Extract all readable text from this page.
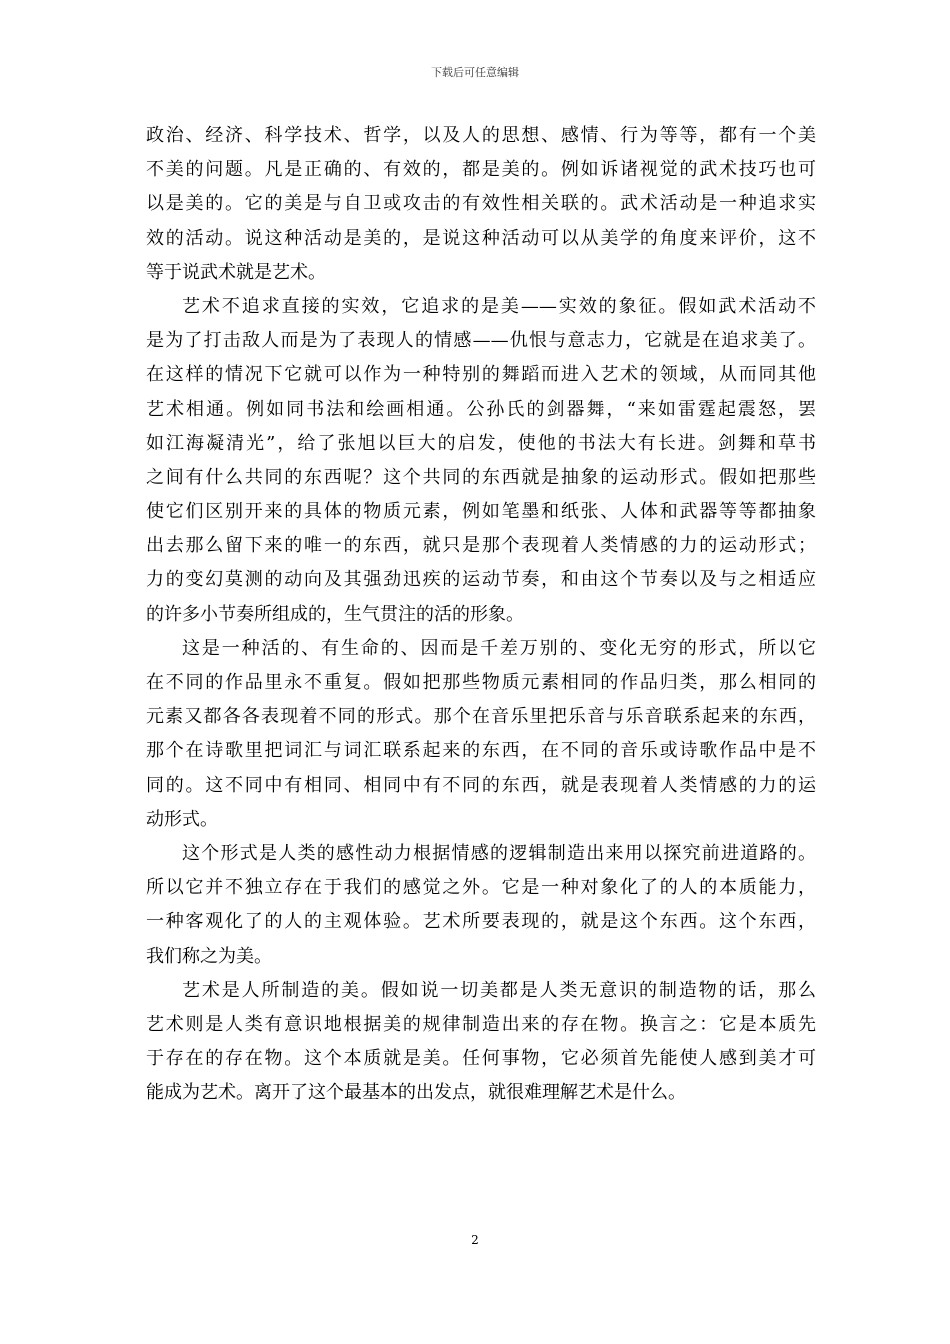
下载后可任意编辑
政治、经济、科学技术、哲学，以及人的思想、感情、行为等等，都有一个美
不美的问题。凡是正确的、有效的，都是美的。例如诉诸视觉的武术技巧也可
以是美的。它的美是与自卫或攻击的有效性相关联的。武术活动是一种追求实
效的活动。说这种活动是美的，是说这种活动可以从美学的角度来评价，这不
等于说武术就是艺术。
艺术不追求直接的实效，它追求的是美——实效的象征。假如武术活动不
是为了打击敌人而是为了表现人的情感——仇恨与意志力，它就是在追求美了。
在这样的情况下它就可以作为一种特别的舞蹈而进入艺术的领域，从而同其他
艺术相通。例如同书法和绘画相通。公孙氏的剑器舞，“来如雷霆起震怒，罢
如江海凝清光”，给了张旭以巨大的启发，使他的书法大有长进。剑舞和草书
之间有什么共同的东西呢？这个共同的东西就是抽象的运动形式。假如把那些
使它们区别开来的具体的物质元素，例如笔墨和纸张、人体和武器等等都抽象
出去那么留下来的唯一的东西，就只是那个表现着人类情感的力的运动形式；
力的变幻莫测的动向及其强劲迅疾的运动节奏，和由这个节奏以及与之相适应
的许多小节奏所组成的，生气贯注的活的形象。
这是一种活的、有生命的、因而是千差万别的、变化无穷的形式，所以它
在不同的作品里永不重复。假如把那些物质元素相同的作品归类，那么相同的
元素又都各各表现着不同的形式。那个在音乐里把乐音与乐音联系起来的东西，
那个在诗歌里把词汇与词汇联系起来的东西，在不同的音乐或诗歌作品中是不
同的。这不同中有相同、相同中有不同的东西，就是表现着人类情感的力的运
动形式。
这个形式是人类的感性动力根据情感的逻辑制造出来用以探究前进道路的。
所以它并不独立存在于我们的感觉之外。它是一种对象化了的人的本质能力，
一种客观化了的人的主观体验。艺术所要表现的，就是这个东西。这个东西，
我们称之为美。
艺术是人所制造的美。假如说一切美都是人类无意识的制造物的话，那么
艺术则是人类有意识地根据美的规律制造出来的存在物。换言之：它是本质先
于存在的存在物。这个本质就是美。任何事物，它必须首先能使人感到美才可
能成为艺术。离开了这个最基本的出发点，就很难理解艺术是什么。
2
